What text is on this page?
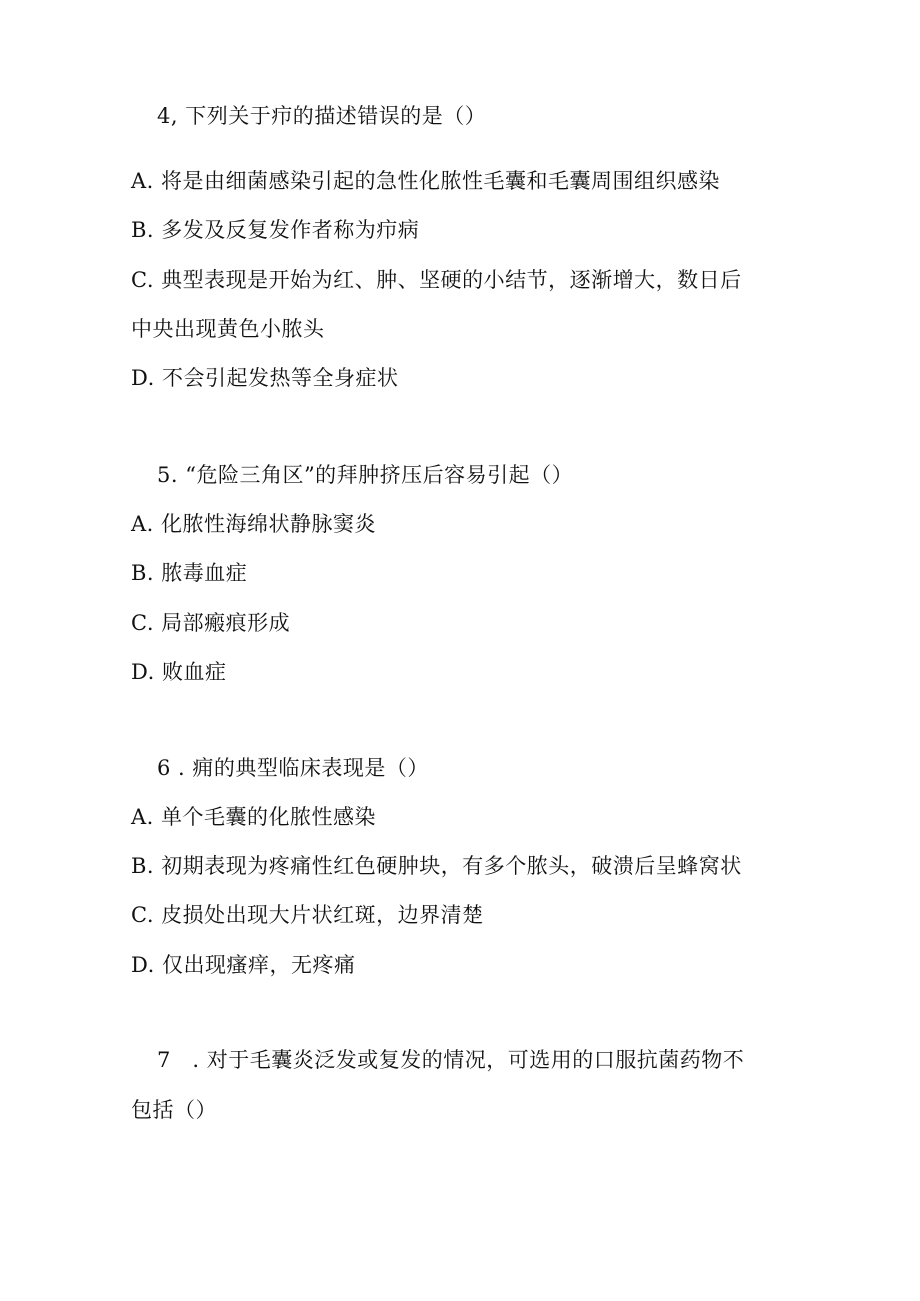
4, 下列关于疖的描述错误的是（）
A. 将是由细菌感染引起的急性化脓性毛囊和毛囊周围组织感染
B. 多发及反复发作者称为疖病
C. 典型表现是开始为红、肿、坚硬的小结节，逐渐增大，数日后
中央出现黄色小脓头
D. 不会引起发热等全身症状
5. “危险三角区”的拜肿挤压后容易引起（）
A. 化脓性海绵状静脉窦炎
B. 脓毒血症
C. 局部瘢痕形成
D. 败血症
6 . 痈的典型临床表现是（）
A. 单个毛囊的化脓性感染
B. 初期表现为疼痛性红色硬肿块，有多个脓头，破溃后呈蜂窝状
C. 皮损处出现大片状红斑，边界清楚
D. 仅出现瘙痒，无疼痛
7　. 对于毛囊炎泛发或复发的情况，可选用的口服抗菌药物不
包括（）
